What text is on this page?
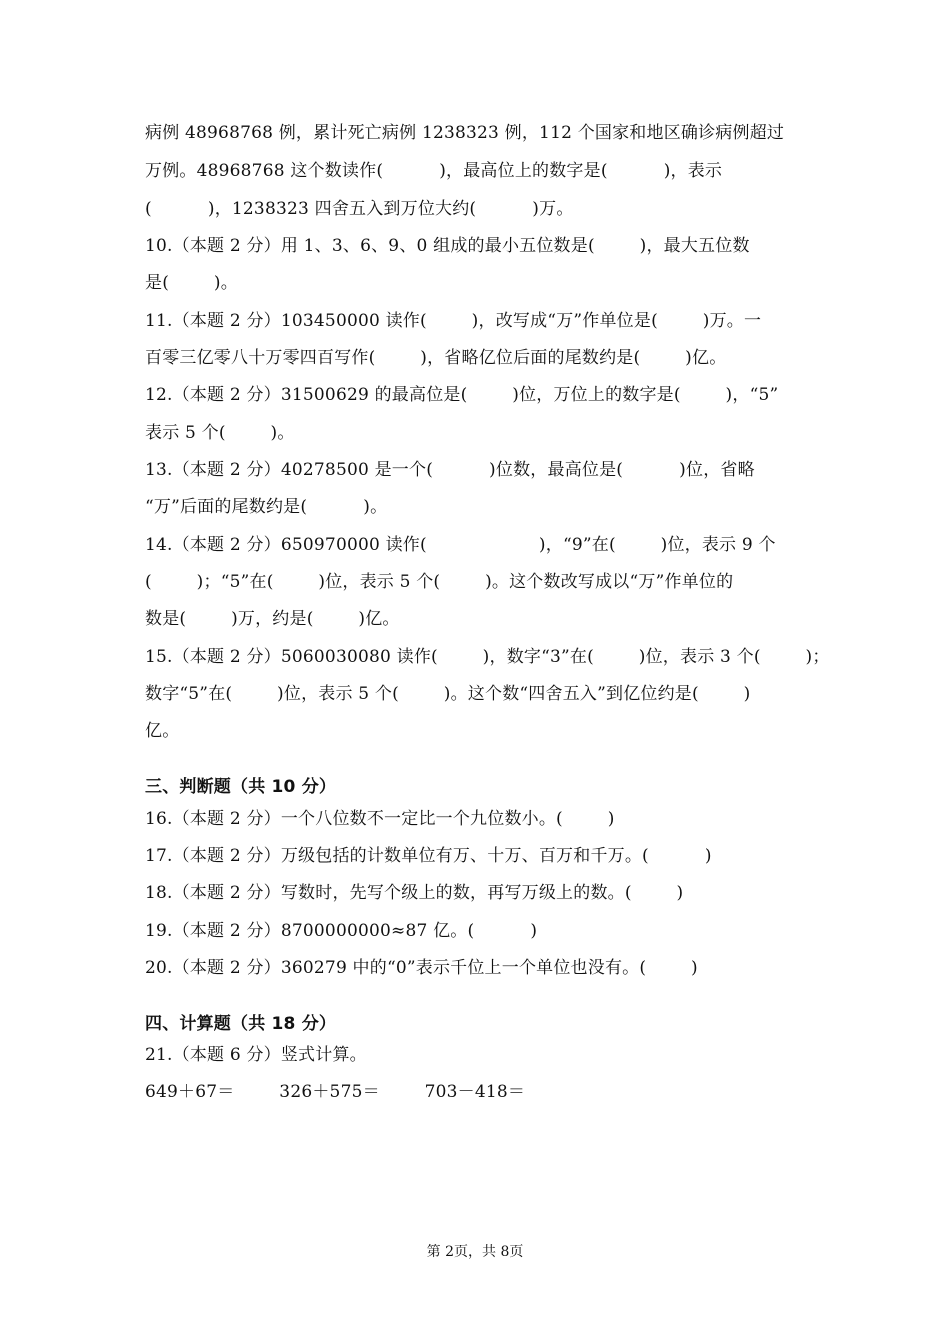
病例 48968768 例，累计死亡病例 1238323 例，112 个国家和地区确诊病例超过
万例。48968768 这个数读作(          )，最高位上的数字是(          )，表示
(          )，1238323 四舍五入到万位大约(          )万。
10.（本题 2 分）用 1、3、6、9、0 组成的最小五位数是(        )，最大五位数
是(        )。
11.（本题 2 分）103450000 读作(        )，改写成“万”作单位是(        )万。一
百零三亿零八十万零四百写作(        )，省略亿位后面的尾数约是(        )亿。
12.（本题 2 分）31500629 的最高位是(        )位，万位上的数字是(        )，“5”
表示 5 个(        )。
13.（本题 2 分）40278500 是一个(          )位数，最高位是(          )位，省略
“万”后面的尾数约是(          )。
14.（本题 2 分）650970000 读作(                    )，“9”在(        )位，表示 9 个
(        )；“5”在(        )位，表示 5 个(        )。这个数改写成以“万”作单位的
数是(        )万，约是(        )亿。
15.（本题 2 分）5060030080 读作(        )，数字“3”在(        )位，表示 3 个(        )；
数字“5”在(        )位，表示 5 个(        )。这个数“四舍五入”到亿位约是(        )
亿。
三、判断题（共 10 分）
16.（本题 2 分）一个八位数不一定比一个九位数小。(        )
17.（本题 2 分）万级包括的计数单位有万、十万、百万和千万。(          )
18.（本题 2 分）写数时，先写个级上的数，再写万级上的数。(        )
19.（本题 2 分）8700000000≈87 亿。(          )
20.（本题 2 分）360279 中的“0”表示千位上一个单位也没有。(        )
四、计算题（共 18 分）
21.（本题 6 分）竖式计算。
649＋67＝        326＋575＝        703－418＝
第 2页，共 8页
